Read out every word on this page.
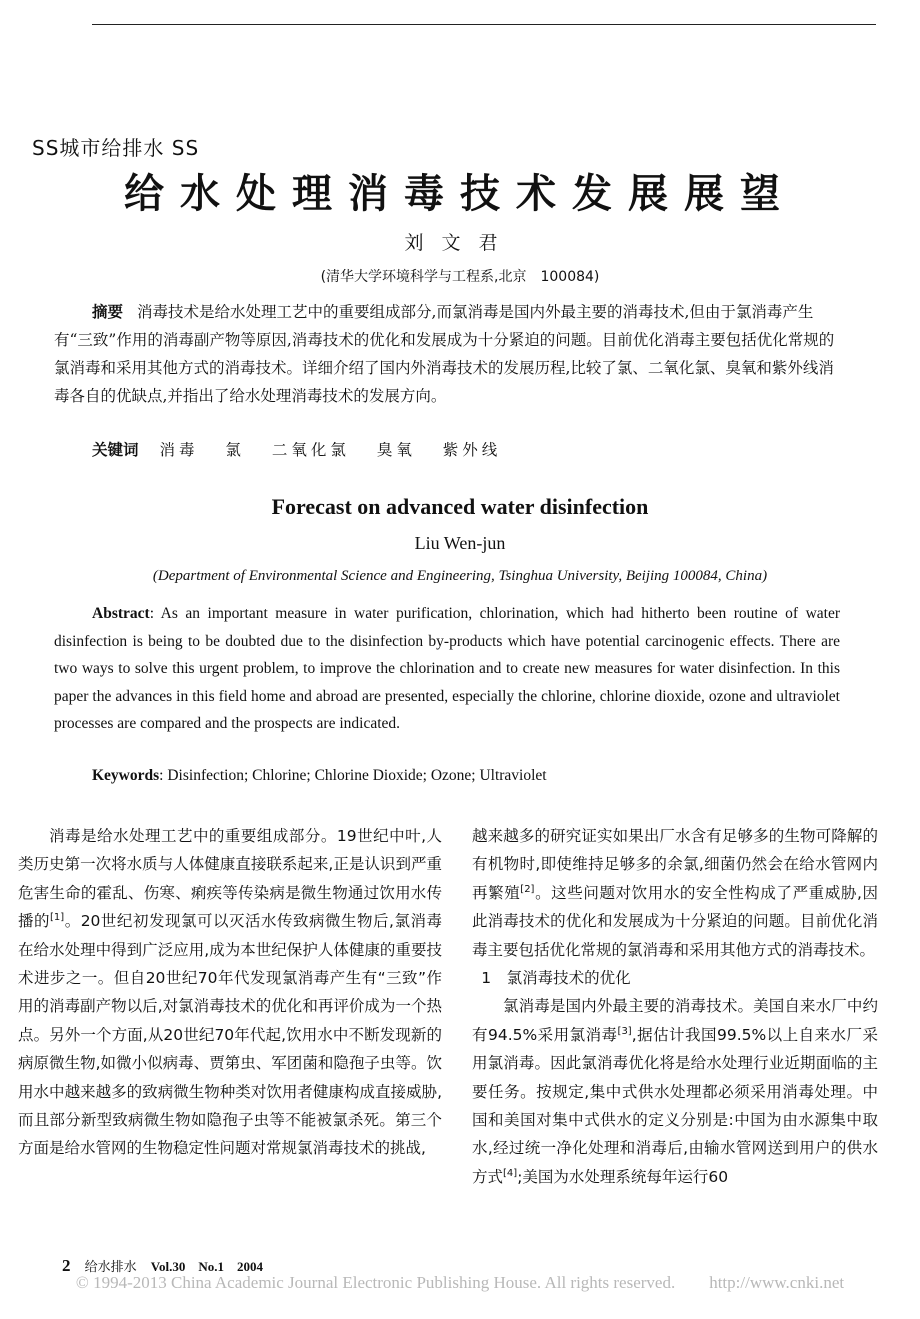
ЅЅ城市给排水 ЅЅ
给水处理消毒技术发展展望
刘文君
(清华大学环境科学与工程系,北京　100084)
摘要 消毒技术是给水处理工艺中的重要组成部分,而氯消毒是国内外最主要的消毒技术,但由于氯消毒产生有“三致”作用的消毒副产物等原因,消毒技术的优化和发展成为十分紧迫的问题。目前优化消毒主要包括优化常规的氯消毒和采用其他方式的消毒技术。详细介绍了国内外消毒技术的发展历程,比较了氯、二氧化氯、臭氧和紫外线消毒各自的优缺点,并指出了给水处理消毒技术的发展方向。
关键词 消毒 氯 二氧化氯 臭氧 紫外线
Forecast on advanced water disinfection
Liu Wen-jun
(Department of Environmental Science and Engineering, Tsinghua University, Beijing 100084, China)
Abstract: As an important measure in water purification, chlorination, which had hitherto been routine of water disinfection is being to be doubted due to the disinfection by-products which have potential carcinogenic effects. There are two ways to solve this urgent problem, to improve the chlorination and to create new measures for water disinfection. In this paper the advances in this field home and abroad are presented, especially the chlorine, chlorine dioxide, ozone and ultraviolet processes are compared and the prospects are indicated.
Keywords: Disinfection; Chlorine; Chlorine Dioxide; Ozone; Ultraviolet

消毒是给水处理工艺中的重要组成部分。19世纪中叶,人类历史第一次将水质与人体健康直接联系起来,正是认识到严重危害生命的霍乱、伤寒、痢疾等传染病是微生物通过饮用水传播的[1]。20世纪初发现氯可以灭活水传致病微生物后,氯消毒在给水处理中得到广泛应用,成为本世纪保护人体健康的重要技术进步之一。但自20世纪70年代发现氯消毒产生有“三致”作用的消毒副产物以后,对氯消毒技术的优化和再评价成为一个热点。另外一个方面,从20世纪70年代起,饮用水中不断发现新的病原微生物,如微小似病毒、贾第虫、军团菌和隐孢子虫等。饮用水中越来越多的致病微生物种类对饮用者健康构成直接威胁,而且部分新型致病微生物如隐孢子虫等不能被氯杀死。第三个方面是给水管网的生物稳定性问题对常规氯消毒技术的挑战,

越来越多的研究证实如果出厂水含有足够多的生物可降解的有机物时,即使维持足够多的余氯,细菌仍然会在给水管网内再繁殖[2]。这些问题对饮用水的安全性构成了严重威胁,因此消毒技术的优化和发展成为十分紧迫的问题。目前优化消毒主要包括优化常规的氯消毒和采用其他方式的消毒技术。

1　氯消毒技术的优化

氯消毒是国内外最主要的消毒技术。美国自来水厂中约有94.5%采用氯消毒[3],据估计我国99.5%以上自来水厂采用氯消毒。因此氯消毒优化将是给水处理行业近期面临的主要任务。按规定,集中式供水处理都必须采用消毒处理。中国和美国对集中式供水的定义分别是:中国为由水源集中取水,经过统一净化处理和消毒后,由输水管网送到用户的供水方式[4];美国为水处理系统每年运行60

2 给水排水 Vol.30　No.1　2004
© 1994-2013 China Academic Journal Electronic Publishing House. All rights reserved.　　http://www.cnki.net
